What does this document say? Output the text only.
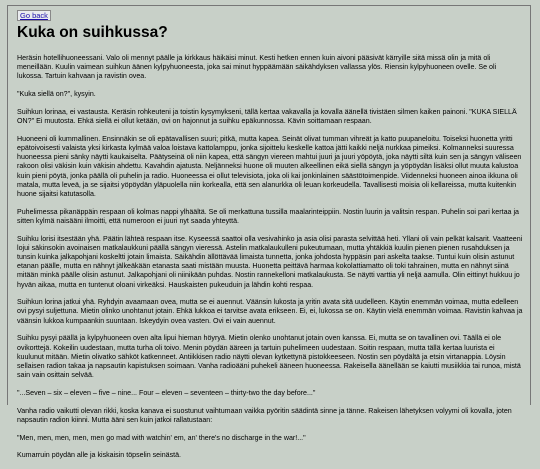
Go back
Kuka on suihkussa?

Heräsin hotellihuoneessani. Valo oli mennyt päälle ja kirkkaus häikäisi minut. Kesti hetken ennen kuin aivoni pääsivät kärryille siitä missä olin ja mitä oli meneillään. Kuulin vaimean suihkun äänen kylpyhuoneesta, joka sai minut hyppäämään säikähdyksen vallassa ylös. Riensin kylpyhuoneen ovelle. Se oli lukossa. Tartuin kahvaan ja ravistin ovea.

"Kuka siellä on?", kysyin.

Suihkun lorinaa, ei vastausta. Keräsin rohkeuteni ja toistin kysymykseni, tällä kertaa vakavalla ja kovalla äänellä tivistäen silmen kaiken painoni. "KUKA SIELLÄ ON?" Ei muutosta. Ehkä siellä ei ollut ketään, ovi on hajonnut ja suihku epäkunnossa. Kävin soittamaan respaan.

Huoneeni oli kummallinen. Ensinnäkin se oli epätavallisen suuri; pitkä, mutta kapea. Seinät olivat tumman vihreät ja katto puupaneloitu. Toiseksi huonetta yritti epätoivoisesti valaista yksi kirkasta kylmää valoa loistava kattolamppu, jonka sijoittelu keskelle kattoa jätti kaikki neljä nurkkaa pimeiksi. Kolmanneksi suuressa huoneessa pieni sänky näytti kaukaiselta. Päätyseinä oli niin kapea, että sängyn viereen mahtui juuri ja juuri yöpöytä, joka näytti siltä kuin sen ja sängyn väliseen rakoon olisi väkisin kuin väkisin ahdettu. Kavahdin ajatusta. Neljänneksi huone oli muuten alkeellinen eikä siellä sängyn ja yöpöydän lisäksi ollut muuta kalustoa kuin pieni pöytä, jonka päällä oli puhelin ja radio. Huoneessa ei ollut televisiota, joka oli kai jonkinlainen säästötoimenpide. Viidenneksi huoneen ainoa ikkuna oli matala, mutta leveä, ja se sijaitsi yöpöydän yläpuolella niin korkealla, että sen alanurkka oli leuan korkeudella. Tavallisesti moisia oli kellareissa, mutta kuitenkin huone sijaitsi katutasolla.

Puhelimessa pikanäppäin respaan oli kolmas nappi ylhäältä. Se oli merkattuna tussilla maalarinteippiin. Nostin luurin ja valitsin respan. Puhelin soi pari kertaa ja sitten kylmä naisääni ilmoitti, että numeroon ei juuri nyt saada yhteyttä.

Suihku lorisi itsestään yhä. Päätin lähteä respaan itse. Kyseessä saattoi olla vesivahinko ja asia olisi parasta selvittää heti. Yllani oli vain pelkät kalsarit. Vaatteeni lojui säkinsokin avoinaisen matkalaukkuni päällä sängyn vieressä. Astelin matkalaukulleni pukeutumaan, mutta yhtäkkiä kuulin pienen pienen rusahduksen ja tunsin kuinka jalkapohjani koskeltti jotain limaista. Säikähdin ällöttävää limaista tunnetta, jonka johdosta hyppäsin pari askelta taakse. Tuntui kuin olisin astunut etanan päälle, mutta en nähnyt jälkeäkään etanasta saati mistään muusta. Huonetta peittävä harmaa kokolattiamatto oli toki tahrainen, mutta en nähnyt siinä mitään minkä päälle olisin astunut. Jalkapohjani oli niinikään puhdas. Nostin rannekelloni matkalaukusta. Se näytti varttia yli neljä aamulla. Olin eittinyt hukkuu jo hyvän aikaa, mutta en tuntenut oloani virkeäksi. Hauskaisten pukeuduin ja lähdin kohti respaa.

Suihkun lorina jatkui yhä. Ryhdyin avaamaan ovea, mutta se ei auennut. Väänsin lukosta ja yritin avata sitä uudelleen. Käytin enemmän voimaa, mutta edelleen ovi pysyi suljettuna. Mietin olinko unohtanut jotain. Ehkä lukkoa ei tarvitse avata erikseen. Ei, ei, lukossa se on. Käytin vielä enemmän voimaa. Ravistin kahvaa ja väänsin lukkoa kumpaankin suuntaan. Iskeydyin ovea vasten. Ovi ei vain auennut.

Suihku pysyi päällä ja kylpyhuoneen oven alta lipui hieman höyryä. Mietin olenko unohtanut jotain oven kanssa. Ei, mutta se on tavallinen ovi. Täällä ei ole ovikorttejä. Kokeilin uudestaan, mutta turha oli toivo. Menin pöydän ääreen ja tartuin puhelimeen uudestaan. Soitin respaan, mutta tällä kertaa luurista ei kuulunut mitään. Mietin olivatko sähköt katkenneet. Antiikkisen radio näytti olevan kytkettynä pistokkeeseen. Nostin sen pöydältä ja etsin virtanappia. Löysin sellaisen radion takaa ja napsautin kapistuksen soimaan. Vanha radioääni puhekeli ääneen huoneessa. Rakeisella äänellään se kaiutti musiikkia tai runoa, mistä sain vain osittain selvää.

"...Seven – six – eleven – five – nine... Four – eleven – seventeen – thirty-two the day before..."

Vanha radio vaikutti olevan rikki, koska kanava ei suostunut vaihtumaan vaikka pyöritin säädintä sinne ja tänne. Rakeisen lähetyksen volyymi oli kovalla, joten napsautin radion kiinni. Mutta ääni sen kuin jatkoi rallatustaan:

"Men, men, men, men, men go mad with watchin' em, an' there's no discharge in the war!..."

Kumarruin pöydän alle ja kiskaisin töpselin seinästä.
